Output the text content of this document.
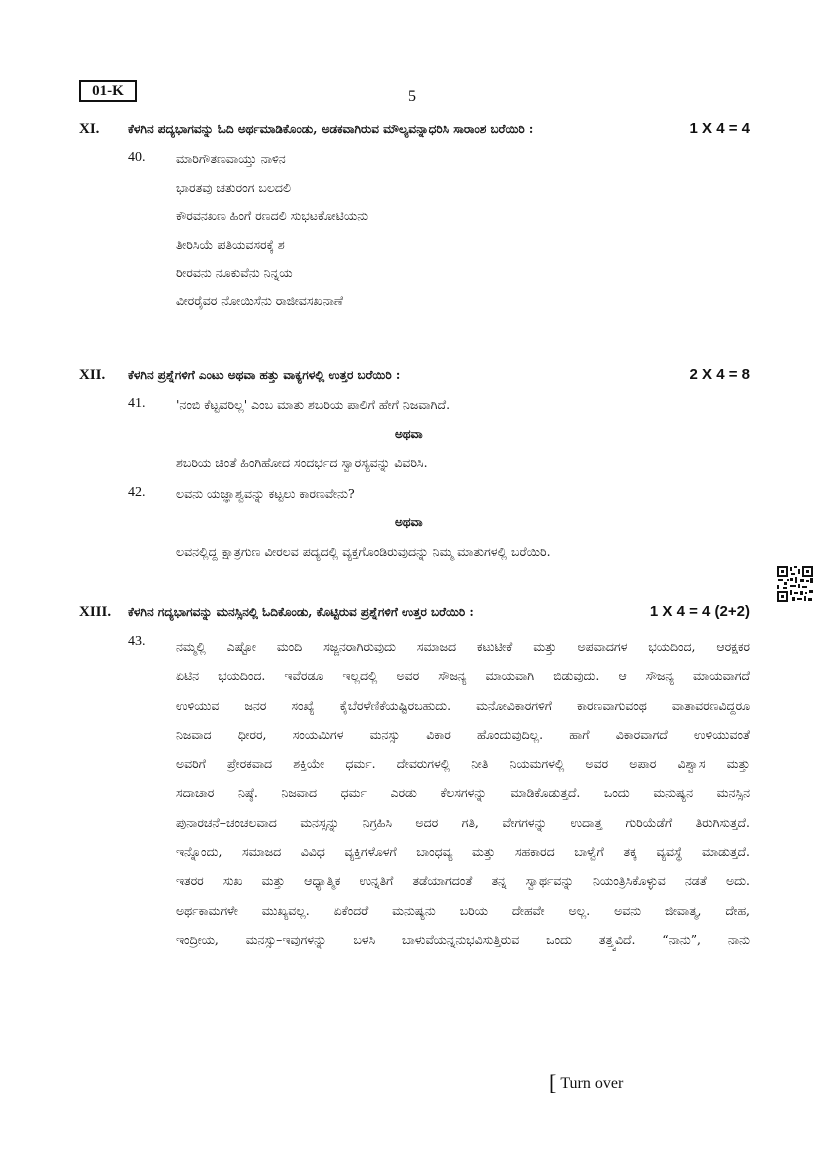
01-K	5
XI. ಕೆಳಗಿನ ಪದ್ಯಭಾಗವನ್ನು ಓದಿ ಅರ್ಥಮಾಡಿಕೊಂಡು, ಅಡಕವಾಗಿರುವ ಮೌಲ್ಯವನ್ನಾಧರಿಸಿ ಸಾರಾಂಶ ಬರೆಯಿರಿ :	1 X 4 = 4
40. ಮಾರಿಗೌತಣವಾಯ್ತು ನಾಳಿನ
ಭಾರತವು ಚತುರಂಗ ಬಲದಲಿ
ಕೌರವನಖಣ ಹಿಂಗೆ ರಣದಲಿ ಸುಭಟಕೋಟಿಯನು
ತೀರಿಸಿಯೆ ಪತಿಯವಸರಕ್ಕೆ ಶ
ರೀರವನು ನೂಕುವೆನು ನಿನ್ನಯ
ವೀರರೈವರ ನೋಯಿಸೆನು ರಾಜೀವಸಖನಾಣೆ
XII. ಕೆಳಗಿನ ಪ್ರಶ್ನೆಗಳಿಗೆ ಎಂಟು ಅಥವಾ ಹತ್ತು ವಾಕ್ಯಗಳಲ್ಲಿ ಉತ್ತರ ಬರೆಯಿರಿ :	2 X 4 = 8
41. 'ನಂಬಿ ಕೆಟ್ಟವರಿಲ್ಲ' ಎಂಬ ಮಾತು ಶಬರಿಯ ಪಾಲಿಗೆ ಹೇಗೆ ನಿಜವಾಗಿದೆ.
ಅಥವಾ
ಶಬರಿಯ ಚಿಂತೆ ಹಿಂಗಿಹೋದ ಸಂದರ್ಭದ ಸ್ವಾರಸ್ಯವನ್ನು ವಿವರಿಸಿ.
42. ಲವನು ಯಜ್ಞಾಶ್ವವನ್ನು ಕಟ್ಟಲು ಕಾರಣವೇನು?
ಅಥವಾ
ಲವನಲ್ಲಿದ್ದ ಕ್ಷಾತ್ರಗುಣ ವೀರಲವ ಪದ್ಯದಲ್ಲಿ ವ್ಯಕ್ತಗೊಂಡಿರುವುದನ್ನು ನಿಮ್ಮ ಮಾತುಗಳಲ್ಲಿ ಬರೆಯಿರಿ.
XIII. ಕೆಳಗಿನ ಗದ್ಯಭಾಗವನ್ನು ಮನಸ್ಸಿನಲ್ಲಿ ಓದಿಕೊಂಡು, ಕೊಟ್ಟಿರುವ ಪ್ರಶ್ನೆಗಳಿಗೆ ಉತ್ತರ ಬರೆಯಿರಿ :	1 X 4 = 4 (2+2)
43. ನಮ್ಮಲ್ಲಿ ಎಷ್ಟೋ ಮಂದಿ ಸಜ್ಜನರಾಗಿರುವುದು ಸಮಾಜದ ಕಟುಟೀಕೆ ಮತ್ತು ಅಪವಾದಗಳ ಭಯದಿಂದ, ಆರಕ್ಷಕರ
ಏಟಿನ ಭಯದಿಂದ. ಇವೆರಡೂ ಇಲ್ಲದಲ್ಲಿ ಅವರ ಸೌಜನ್ಯ ಮಾಯವಾಗಿ ಬಿಡುವುದು. ಆ ಸೌಜನ್ಯ ಮಾಯವಾಗದೆ
ಉಳಿಯುವ ಜನರ ಸಂಖ್ಯೆ ಕೈಬೆರಳೆಣಿಕೆಯಷ್ಟಿರಬಹುದು. ಮನೋವಿಕಾರಗಳಿಗೆ ಕಾರಣವಾಗುವಂಥ ವಾತಾವರಣವಿದ್ದರೂ
ನಿಜವಾದ ಧೀರರ, ಸಂಯಮಿಗಳ ಮನಸ್ಸು ವಿಕಾರ ಹೊಂದುವುದಿಲ್ಲ. ಹಾಗೆ ವಿಕಾರವಾಗದೆ ಉಳಿಯುವಂತೆ
ಅವರಿಗೆ ಪ್ರೇರಕವಾದ ಶಕ್ತಿಯೇ ಧರ್ಮ. ದೇವರುಗಳಲ್ಲಿ ನೀತಿ ನಿಯಮಗಳಲ್ಲಿ ಅವರ ಅಪಾರ ವಿಶ್ವಾಸ ಮತ್ತು
ಸದಾಚಾರ ನಿಷ್ಠೆ. ನಿಜವಾದ ಧರ್ಮ ಎರಡು ಕೆಲಸಗಳನ್ನು ಮಾಡಿಕೊಡುತ್ತದೆ. ಒಂದು ಮನುಷ್ಯನ ಮನಸ್ಸಿನ
ಪುನಾರಚನೆ–ಚಂಚಲವಾದ ಮನಸ್ಸನ್ನು ನಿಗ್ರಹಿಸಿ ಅದರ ಗತಿ, ವೇಗಗಳನ್ನು ಉದಾತ್ತ ಗುರಿಯೆಡೆಗೆ ತಿರುಗಿಸುತ್ತದೆ.
ಇನ್ನೊಂದು, ಸಮಾಜದ ವಿವಿಧ ವ್ಯಕ್ತಿಗಳೊಳಗೆ ಬಾಂಧವ್ಯ ಮತ್ತು ಸಹಕಾರದ ಬಾಳ್ವೆಗೆ ತಕ್ಕ ವ್ಯವಸ್ಥೆ ಮಾಡುತ್ತದೆ.
ಇತರರ ಸುಖ ಮತ್ತು ಆಧ್ಯಾತ್ಮಿಕ ಉನ್ನತಿಗೆ ತಡೆಯಾಗದಂತೆ ತನ್ನ ಸ್ವಾರ್ಥವನ್ನು ನಿಯಂತ್ರಿಸಿಕೊಳ್ಳುವ ನಡತೆ ಅದು.
ಅರ್ಥಕಾಮಗಳೇ ಮುಖ್ಯವಲ್ಲ. ಏಕೆಂದರೆ ಮನುಷ್ಯನು ಬರಿಯ ದೇಹವೇ ಅಲ್ಲ. ಅವನು ಜೀವಾತ್ಮ, ದೇಹ,
ಇಂದ್ರೀಯ, ಮನಸ್ಸು–ಇವುಗಳನ್ನು ಬಳಸಿ ಬಾಳುವೆಯನ್ನನುಭವಿಸುತ್ತಿರುವ ಒಂದು ತತ್ತ್ವವಿದೆ. “ನಾನು”, ನಾನು
[ Turn over
